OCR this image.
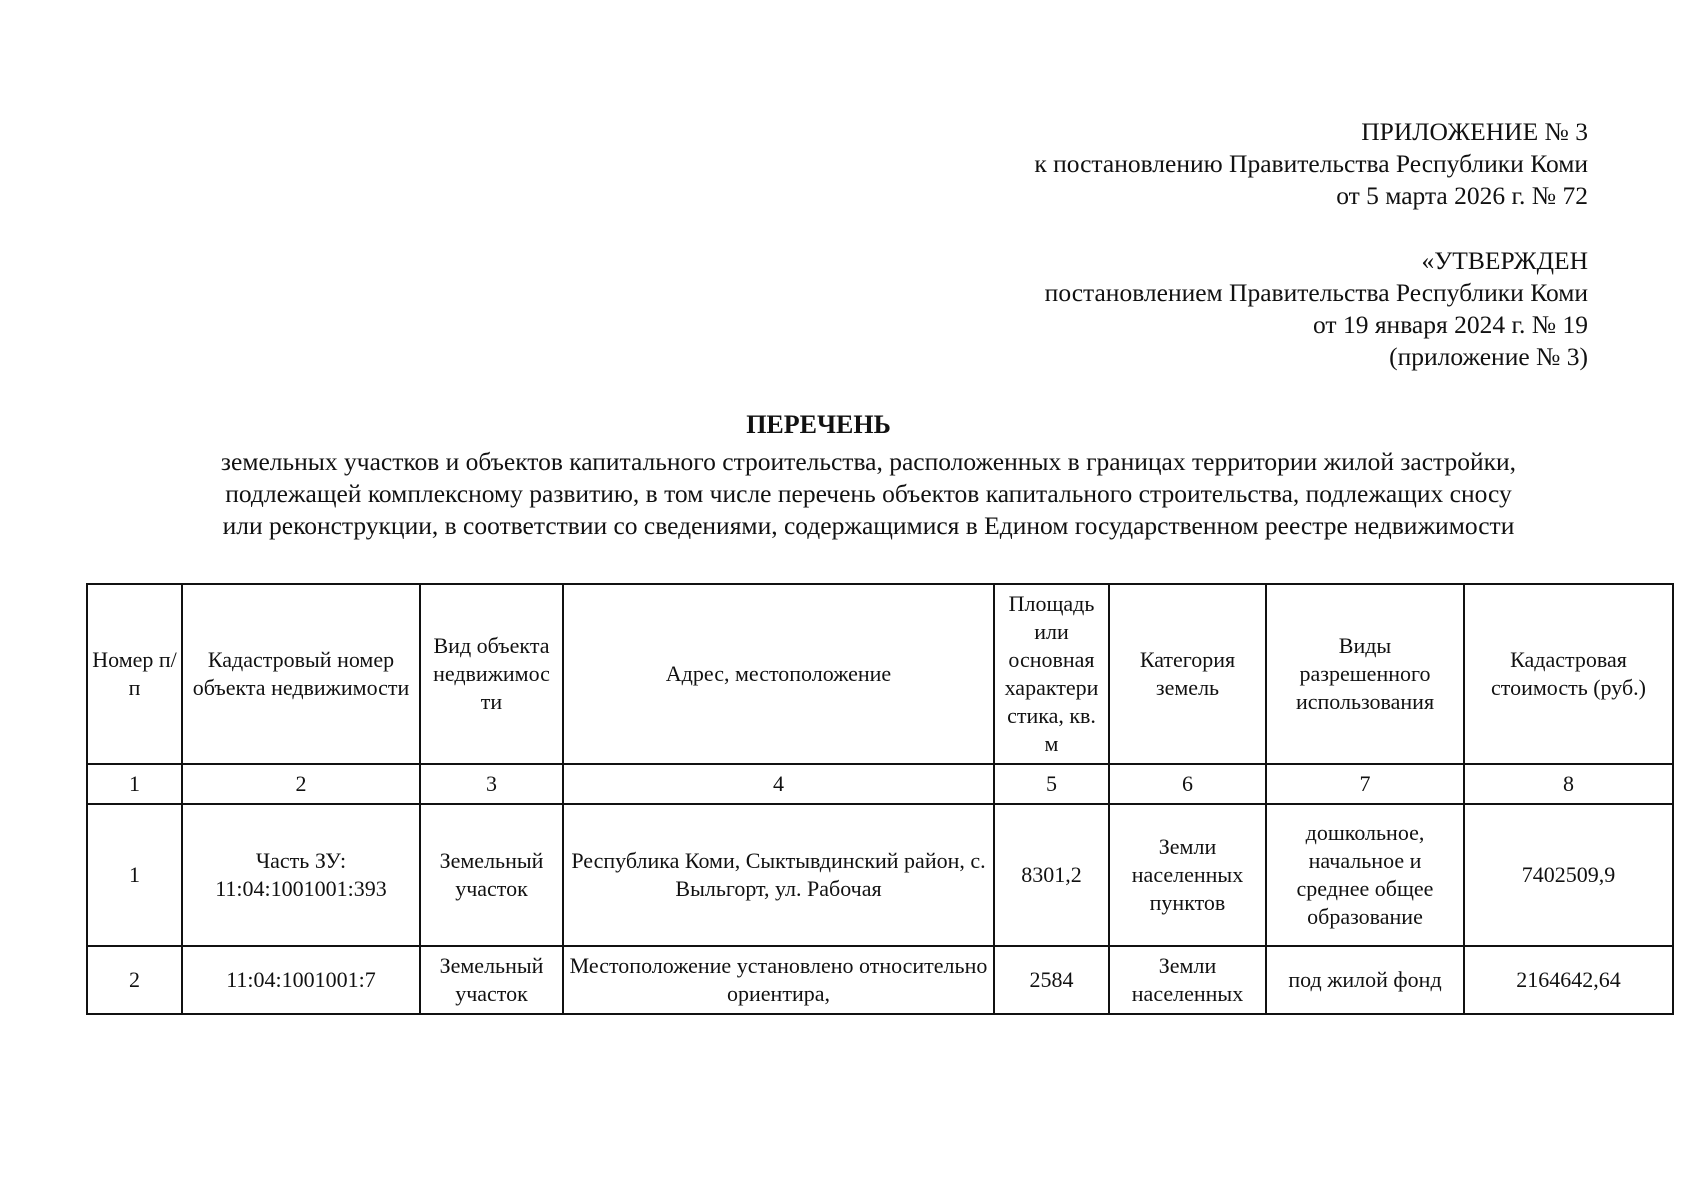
ПРИЛОЖЕНИЕ № 3
к постановлению Правительства Республики Коми
от 5 марта 2026 г. № 72
«УТВЕРЖДЕН
постановлением Правительства Республики Коми
от 19 января 2024 г. № 19
(приложение № 3)
ПЕРЕЧЕНЬ
земельных участков и объектов капитального строительства, расположенных в границах территории жилой застройки,
подлежащей комплексному развитию, в том числе перечень объектов капитального строительства, подлежащих сносу
или реконструкции, в соответствии со сведениями, содержащимися в Едином государственном реестре недвижимости
Номер п/п	Кадастровый номер объекта недвижимости	Вид объекта недвижимос ти	Адрес, местоположение	Площадь или основная характери стика, кв. м	Категория земель	Виды разрешенного использования	Кадастровая стоимость (руб.)
1	2	3	4	5	6	7	8
1	Часть ЗУ: 11:04:1001001:393	Земельный участок	Республика Коми, Сыктывдинский район, с. Выльгорт, ул. Рабочая	8301,2	Земли населенных пунктов	дошкольное, начальное и среднее общее образование	7402509,9
2	11:04:1001001:7	Земельный участок	Местоположение установлено относительно ориентира,	2584	Земли населенных	под жилой фонд	2164642,64
